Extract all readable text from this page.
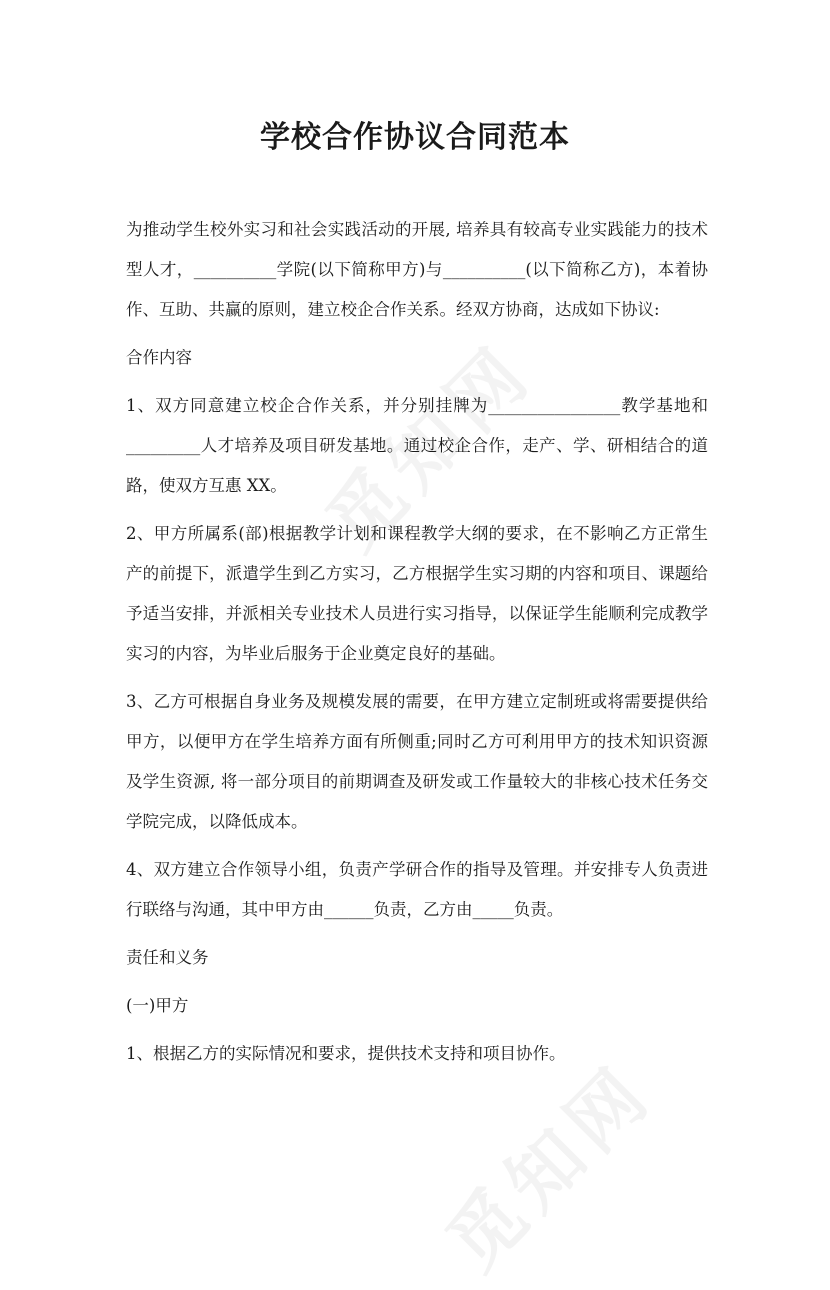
学校合作协议合同范本

为推动学生校外实习和社会实践活动的开展, 培养具有较高专业实践能力的技术型人才，__________学院(以下简称甲方)与__________(以下简称乙方)，本着协作、互助、共赢的原则，建立校企合作关系。经双方协商，达成如下协议:

合作内容

1、双方同意建立校企合作关系，并分别挂牌为________________教学基地和_________人才培养及项目研发基地。通过校企合作，走产、学、研相结合的道路，使双方互惠 XX。

2、甲方所属系(部)根据教学计划和课程教学大纲的要求，在不影响乙方正常生产的前提下，派遣学生到乙方实习，乙方根据学生实习期的内容和项目、课题给予适当安排，并派相关专业技术人员进行实习指导，以保证学生能顺利完成教学实习的内容，为毕业后服务于企业奠定良好的基础。

3、乙方可根据自身业务及规模发展的需要，在甲方建立定制班或将需要提供给甲方，以便甲方在学生培养方面有所侧重;同时乙方可利用甲方的技术知识资源及学生资源, 将一部分项目的前期调查及研发或工作量较大的非核心技术任务交学院完成，以降低成本。

4、双方建立合作领导小组，负责产学研合作的指导及管理。并安排专人负责进行联络与沟通，其中甲方由______负责，乙方由_____负责。

责任和义务

(一)甲方

1、根据乙方的实际情况和要求，提供技术支持和项目协作。
